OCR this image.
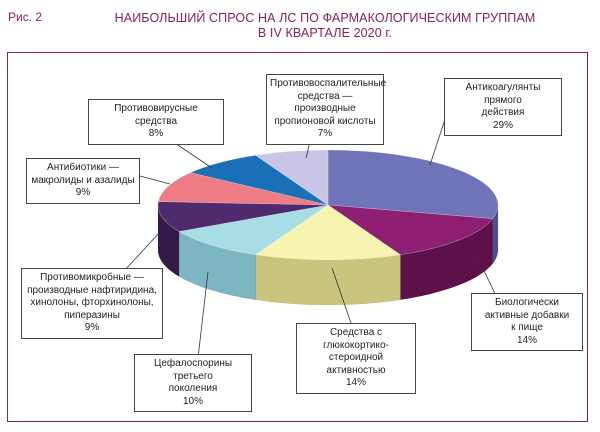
Рис. 2	НАИБОЛЬШИЙ СПРОС НА ЛС ПО ФАРМАКОЛОГИЧЕСКИМ ГРУППАМ
В IV КВАРТАЛЕ 2020 г.
Антикоагулянты прямого
действия
29%
Биологически
активные добавки
к пище
14%
Средства с глюкокортико-
стероидной активностью
14%
Цефалоспорины третьего
поколения
10%
Противомикробные —
производные нафтиридина,
хинолоны, фторхинолоны,
пиперазины
9%
Антибиотики —
макролиды и азалиды
9%
Противовирусные средства
8%
Противовоспалительные
средства — производные
пропионовой кислоты
7%
